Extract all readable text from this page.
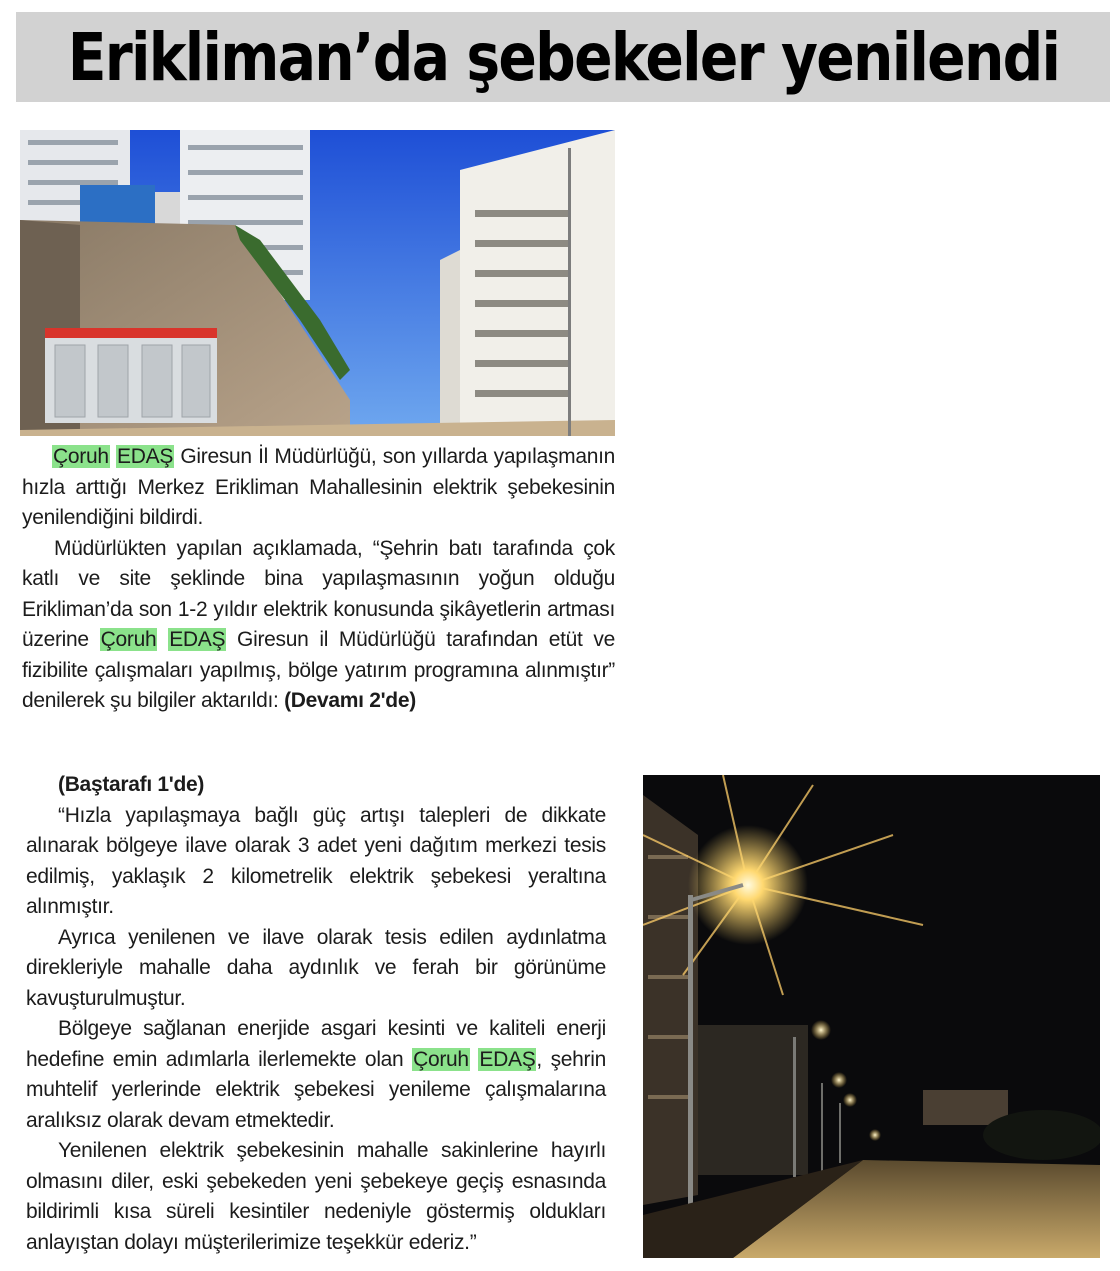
Erikliman’da şebekeler yenilendi

Çoruh EDAŞ Giresun İl Müdürlüğü, son yıllarda yapılaşmanın hızla arttığı Merkez Erikliman Mahallesinin elektrik şebekesinin yenilendiğini bildirdi.

Müdürlükten yapılan açıklamada, “Şehrin batı tarafında çok katlı ve site şeklinde bina yapılaşmasının yoğun olduğu Erikliman’da son 1-2 yıldır elektrik konusunda şikâyetlerin artması üzerine Çoruh EDAŞ Giresun il Müdürlüğü tarafından etüt ve fizibilite çalışmaları yapılmış, bölge yatırım programına alınmıştır” denilerek şu bilgiler aktarıldı: (Devamı 2'de)

(Baştarafı 1'de)

“Hızla yapılaşmaya bağlı güç artışı talepleri de dikkate alınarak bölgeye ilave olarak 3 adet yeni dağıtım merkezi tesis edilmiş, yaklaşık 2 kilometrelik elektrik şebekesi yeraltına alınmıştır.

Ayrıca yenilenen ve ilave olarak tesis edilen aydınlatma direkleriyle mahalle daha aydınlık ve ferah bir görünüme kavuşturulmuştur.

Bölgeye sağlanan enerjide asgari kesinti ve kaliteli enerji hedefine emin adımlarla ilerlemekte olan Çoruh EDAŞ, şehrin muhtelif yerlerinde elektrik şebekesi yenileme çalışmalarına aralıksız olarak devam etmektedir.

Yenilenen elektrik şebekesinin mahalle sakinlerine hayırlı olmasını diler, eski şebekeden yeni şebekeye geçiş esnasında bildirimli kısa süreli kesintiler nedeniyle göstermiş oldukları anlayıştan dolayı müşterilerimize teşekkür ederiz.”
